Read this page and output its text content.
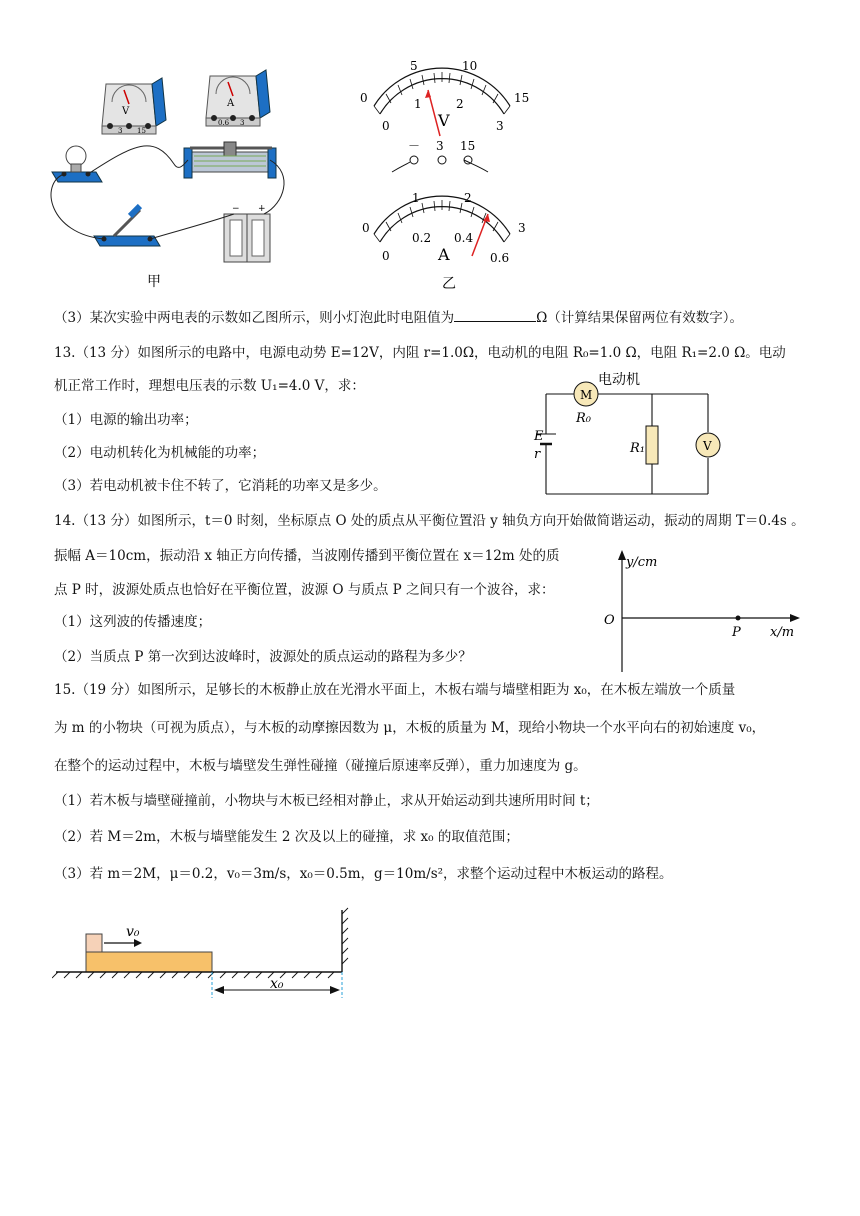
V
3 15
A
0.6 3
− +
甲
0
5	10
15
0
1	2
3
V
－ 3 15
0
1	2
3
0
0.2 0.4
0.6
A
乙
（3）某次实验中两电表的示数如乙图所示，则小灯泡此时电阻值为	Ω（计算结果保留两位有效数字）。
13.（13 分）如图所示的电路中，电源电动势 E=12V，内阻 r=1.0Ω，电动机的电阻 R₀=1.0 Ω，电阻 R₁=2.0 Ω。电动
机正常工作时，理想电压表的示数 U₁=4.0 V，求：
（1）电源的输出功率；
（2）电动机转化为机械能的功率；
（3）若电动机被卡住不转了，它消耗的功率又是多少。
M
电动机
R₀
R₁	V
E
r
14.（13 分）如图所示，t＝0 时刻，坐标原点 O 处的质点从平衡位置沿 y 轴负方向开始做简谐运动，振动的周期 T＝0.4s 。
振幅 A＝10cm，振动沿 x 轴正方向传播，当波刚传播到平衡位置在 x＝12m 处的质
点 P 时，波源处质点也恰好在平衡位置，波源 O 与质点 P 之间只有一个波谷，求：
（1）这列波的传播速度；
（2）当质点 P 第一次到达波峰时，波源处的质点运动的路程为多少？
y/cm
x/m
O
P
15.（19 分）如图所示，足够长的木板静止放在光滑水平面上，木板右端与墙壁相距为 x₀，在木板左端放一个质量
为 m 的小物块（可视为质点），与木板的动摩擦因数为 μ，木板的质量为 M，现给小物块一个水平向右的初始速度 v₀，
在整个的运动过程中，木板与墙壁发生弹性碰撞（碰撞后原速率反弹），重力加速度为 g。
（1）若木板与墙壁碰撞前，小物块与木板已经相对静止，求从开始运动到共速所用时间 t；
（2）若 M＝2m，木板与墙壁能发生 2 次及以上的碰撞，求 x₀ 的取值范围；
（3）若 m＝2M，μ＝0.2，v₀＝3m/s，x₀＝0.5m，g＝10m/s²，求整个运动过程中木板运动的路程。
v₀
x₀
